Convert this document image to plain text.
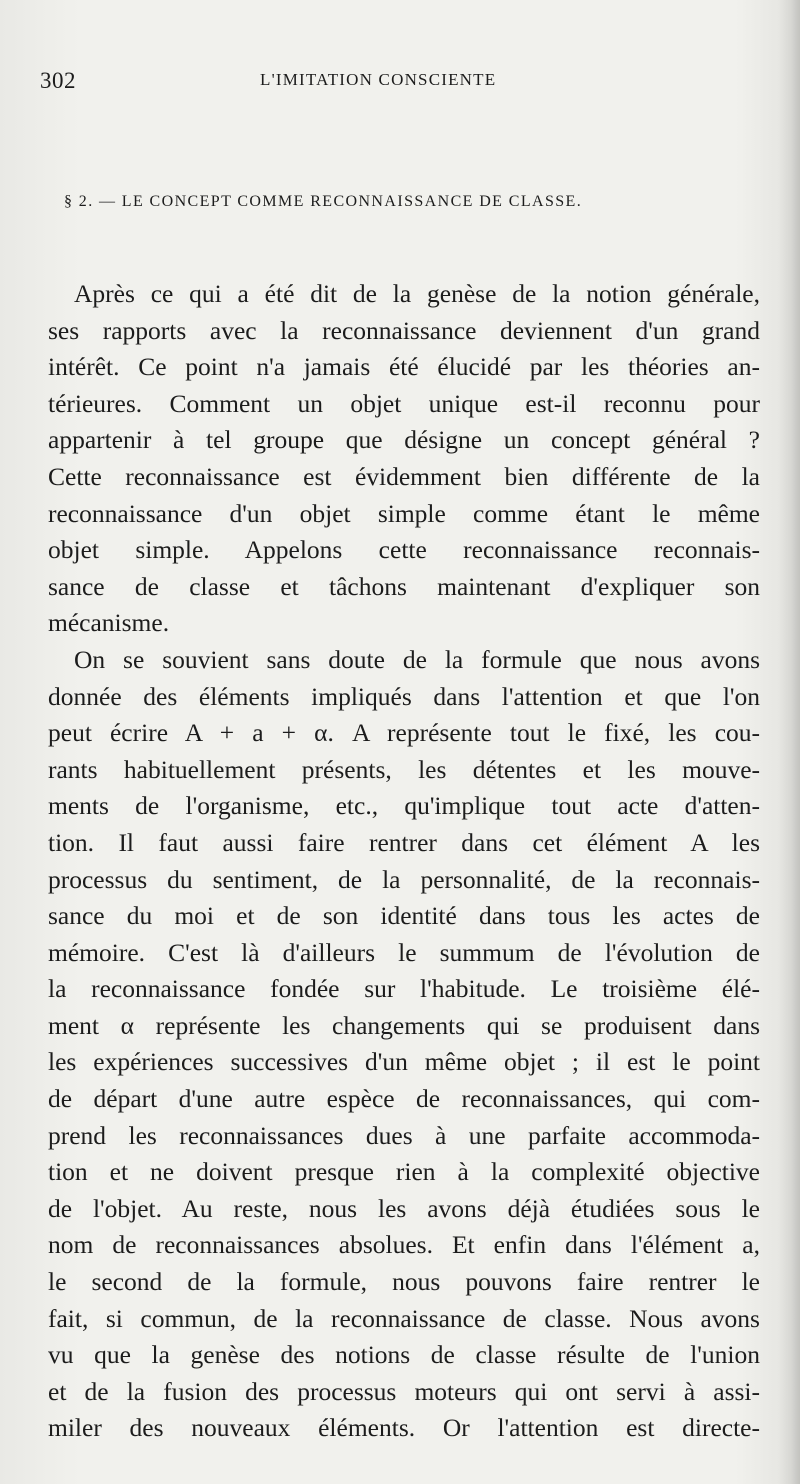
302	L'IMITATION CONSCIENTE
§ 2. — LE CONCEPT COMME RECONNAISSANCE DE CLASSE.
Après ce qui a été dit de la genèse de la notion générale,
ses rapports avec la reconnaissance deviennent d'un grand
intérêt. Ce point n'a jamais été élucidé par les théories an-
térieures. Comment un objet unique est-il reconnu pour
appartenir à tel groupe que désigne un concept général ?
Cette reconnaissance est évidemment bien différente de la
reconnaissance d'un objet simple comme étant le même
objet simple. Appelons cette reconnaissance reconnais-
sance de classe et tâchons maintenant d'expliquer son
mécanisme.
On se souvient sans doute de la formule que nous avons
donnée des éléments impliqués dans l'attention et que l'on
peut écrire A + a + α. A représente tout le fixé, les cou-
rants habituellement présents, les détentes et les mouve-
ments de l'organisme, etc., qu'implique tout acte d'atten-
tion. Il faut aussi faire rentrer dans cet élément A les
processus du sentiment, de la personnalité, de la reconnais-
sance du moi et de son identité dans tous les actes de
mémoire. C'est là d'ailleurs le summum de l'évolution de
la reconnaissance fondée sur l'habitude. Le troisième élé-
ment α représente les changements qui se produisent dans
les expériences successives d'un même objet ; il est le point
de départ d'une autre espèce de reconnaissances, qui com-
prend les reconnaissances dues à une parfaite accommoda-
tion et ne doivent presque rien à la complexité objective
de l'objet. Au reste, nous les avons déjà étudiées sous le
nom de reconnaissances absolues. Et enfin dans l'élément a,
le second de la formule, nous pouvons faire rentrer le
fait, si commun, de la reconnaissance de classe. Nous avons
vu que la genèse des notions de classe résulte de l'union
et de la fusion des processus moteurs qui ont servi à assi-
miler des nouveaux éléments. Or l'attention est directe-
